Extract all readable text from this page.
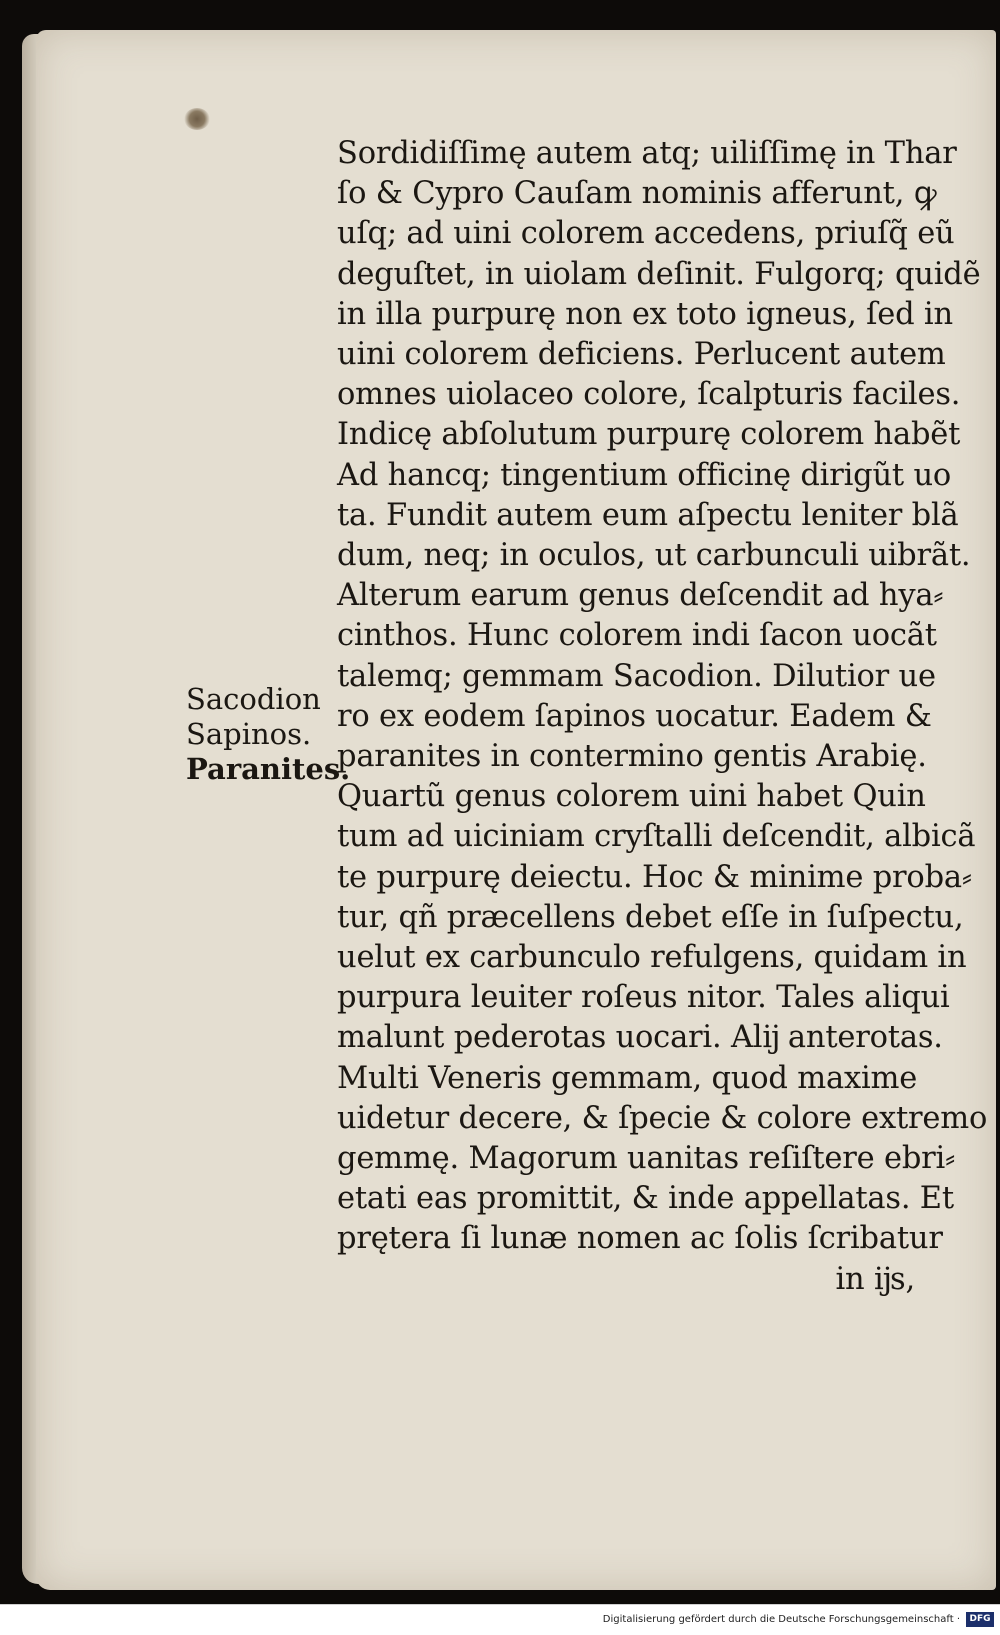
Sordidiſſimę autem atq; uiliſſimę in Thar
ſo & Cypro Cauſam nominis afferunt, ꝙ
uſq; ad uini colorem accedens, priuſq̃ eũ
deguſtet, in uiolam deſinit. Fulgorq; quidẽ
in illa purpurę non ex toto igneus, ſed in
uini colorem deficiens. Perlucent autem
omnes uiolaceo colore, ſcalpturis faciles.
Indicę abſolutum purpurę colorem habẽt
Ad hancq; tingentium officinę dirigũt uo
ta. Fundit autem eum aſpectu leniter blã
dum, neq; in oculos, ut carbunculi uibrãt.
Alterum earum genus deſcendit ad hya⸗
cinthos. Hunc colorem indi ſacon uocãt
talemq; gemmam Sacodion. Dilutior ue
ro ex eodem ſapinos uocatur. Eadem &
paranites in contermino gentis Arabię.
Quartũ genus colorem uini habet Quin
tum ad uiciniam cryſtalli deſcendit, albicã
te purpurę deiectu. Hoc & minime proba⸗
tur, qñ præcellens debet eſſe in ſuſpectu,
uelut ex carbunculo refulgens, quidam in
purpura leuiter roſeus nitor. Tales aliqui
malunt pederotas uocari. Alĳ anterotas.
Multi Veneris gemmam, quod maxime
uidetur decere, & ſpecie & colore extremo
gemmę. Magorum uanitas reſiſtere ebri⸗
etati eas promittit, & inde appellatas. Et
prętera ſi lunæ nomen ac ſolis ſcribatur
in ĳs,
Sacodion
Sapinos.
Paranites.
Digitalisierung gefördert durch die Deutsche Forschungsgemeinschaft ·	DFG
